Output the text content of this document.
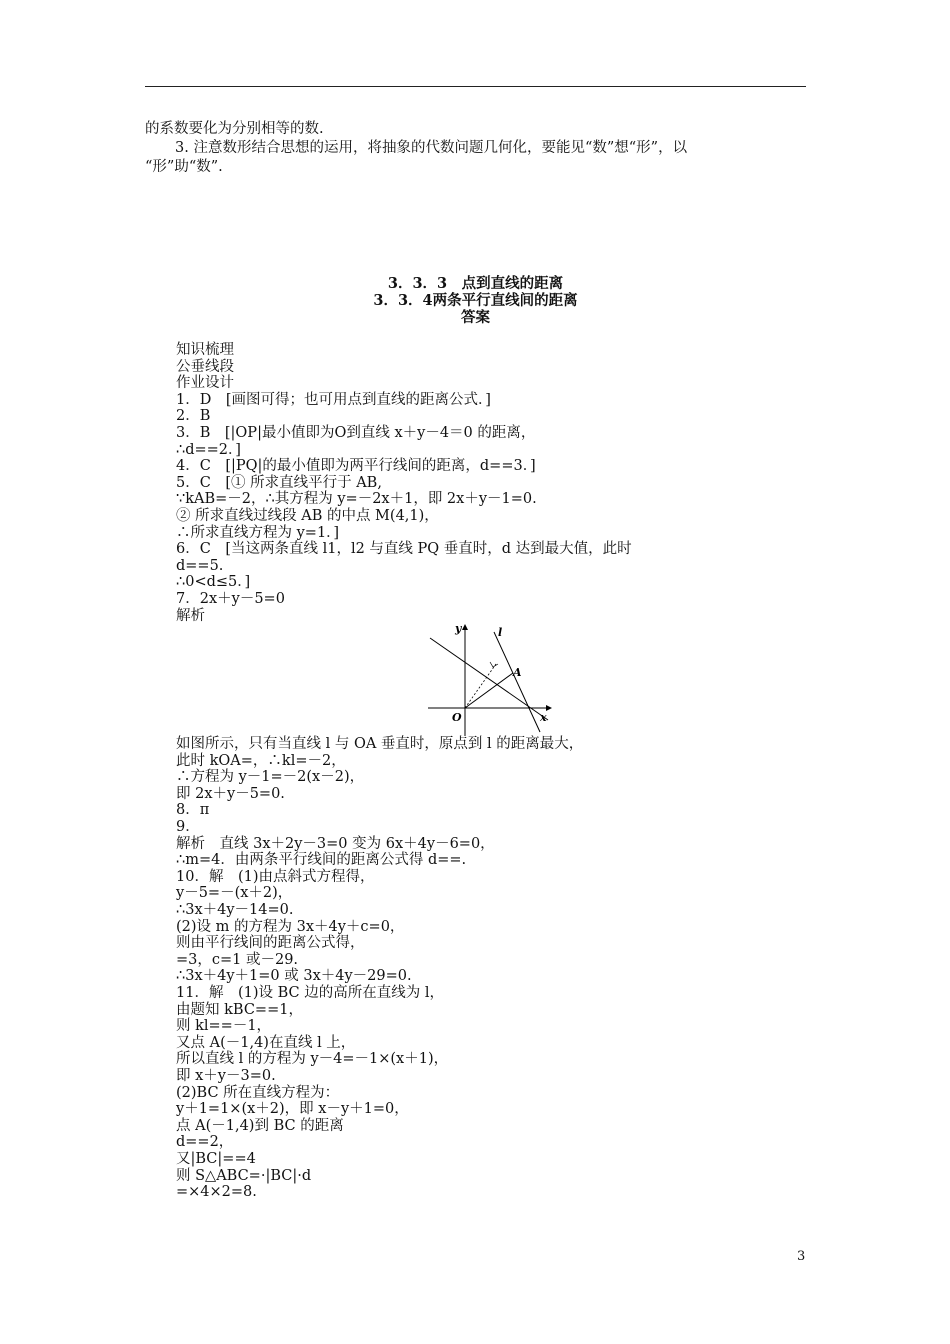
的系数要化为分别相等的数.

3. 注意数形结合思想的运用，将抽象的代数问题几何化，要能见“数”想“形”，以

“形”助“数”.

3．3．3　点到直线的距离
3．3．4两条平行直线间的距离
答案
知识梳理
公垂线段
作业设计
1．D　[画图可得；也可用点到直线的距离公式．]
2．B
3．B　[|OP|最小值即为O到直线 x＋y－4＝0 的距离，
∴d==2．]
4．C　[|PQ|的最小值即为两平行线间的距离，d==3．]
5．C　[① 所求直线平行于 AB,
∵kAB=－2，∴其方程为 y=－2x＋1，即 2x＋y－1=0.
② 所求直线过线段 AB 的中点 M(4,1)，
∴所求直线方程为 y=1．]
6．C　[当这两条直线 l1，l2 与直线 PQ 垂直时，d 达到最大值，此时
d==5.
∴0<d≤5．]
7．2x＋y－5=0
解析
y
x
O
A
l
如图所示，只有当直线 l 与 OA 垂直时，原点到 l 的距离最大，
此时 kOA=，∴kl=－2，
∴方程为 y－1=－2(x－2)，
即 2x＋y－5=0.
8．π
9．
解析　直线 3x＋2y－3=0 变为 6x＋4y－6=0，
∴m=4．由两条平行线间的距离公式得 d==.
10．解　(1)由点斜式方程得，
y－5=－(x＋2)，
∴3x＋4y－14=0.
(2)设 m 的方程为 3x＋4y＋c=0，
则由平行线间的距离公式得，
=3，c=1 或－29.
∴3x＋4y＋1=0 或 3x＋4y－29=0.
11．解　(1)设 BC 边的高所在直线为 l，
由题知 kBC==1，
则 kl==－1，
又点 A(－1,4)在直线 l 上，
所以直线 l 的方程为 y－4=－1×(x＋1)，
即 x＋y－3=0.
(2)BC 所在直线方程为：
y＋1=1×(x＋2)，即 x－y＋1=0，
点 A(－1,4)到 BC 的距离
d==2，
又|BC|==4
则 S△ABC=·|BC|·d
=×4×2=8.
3
